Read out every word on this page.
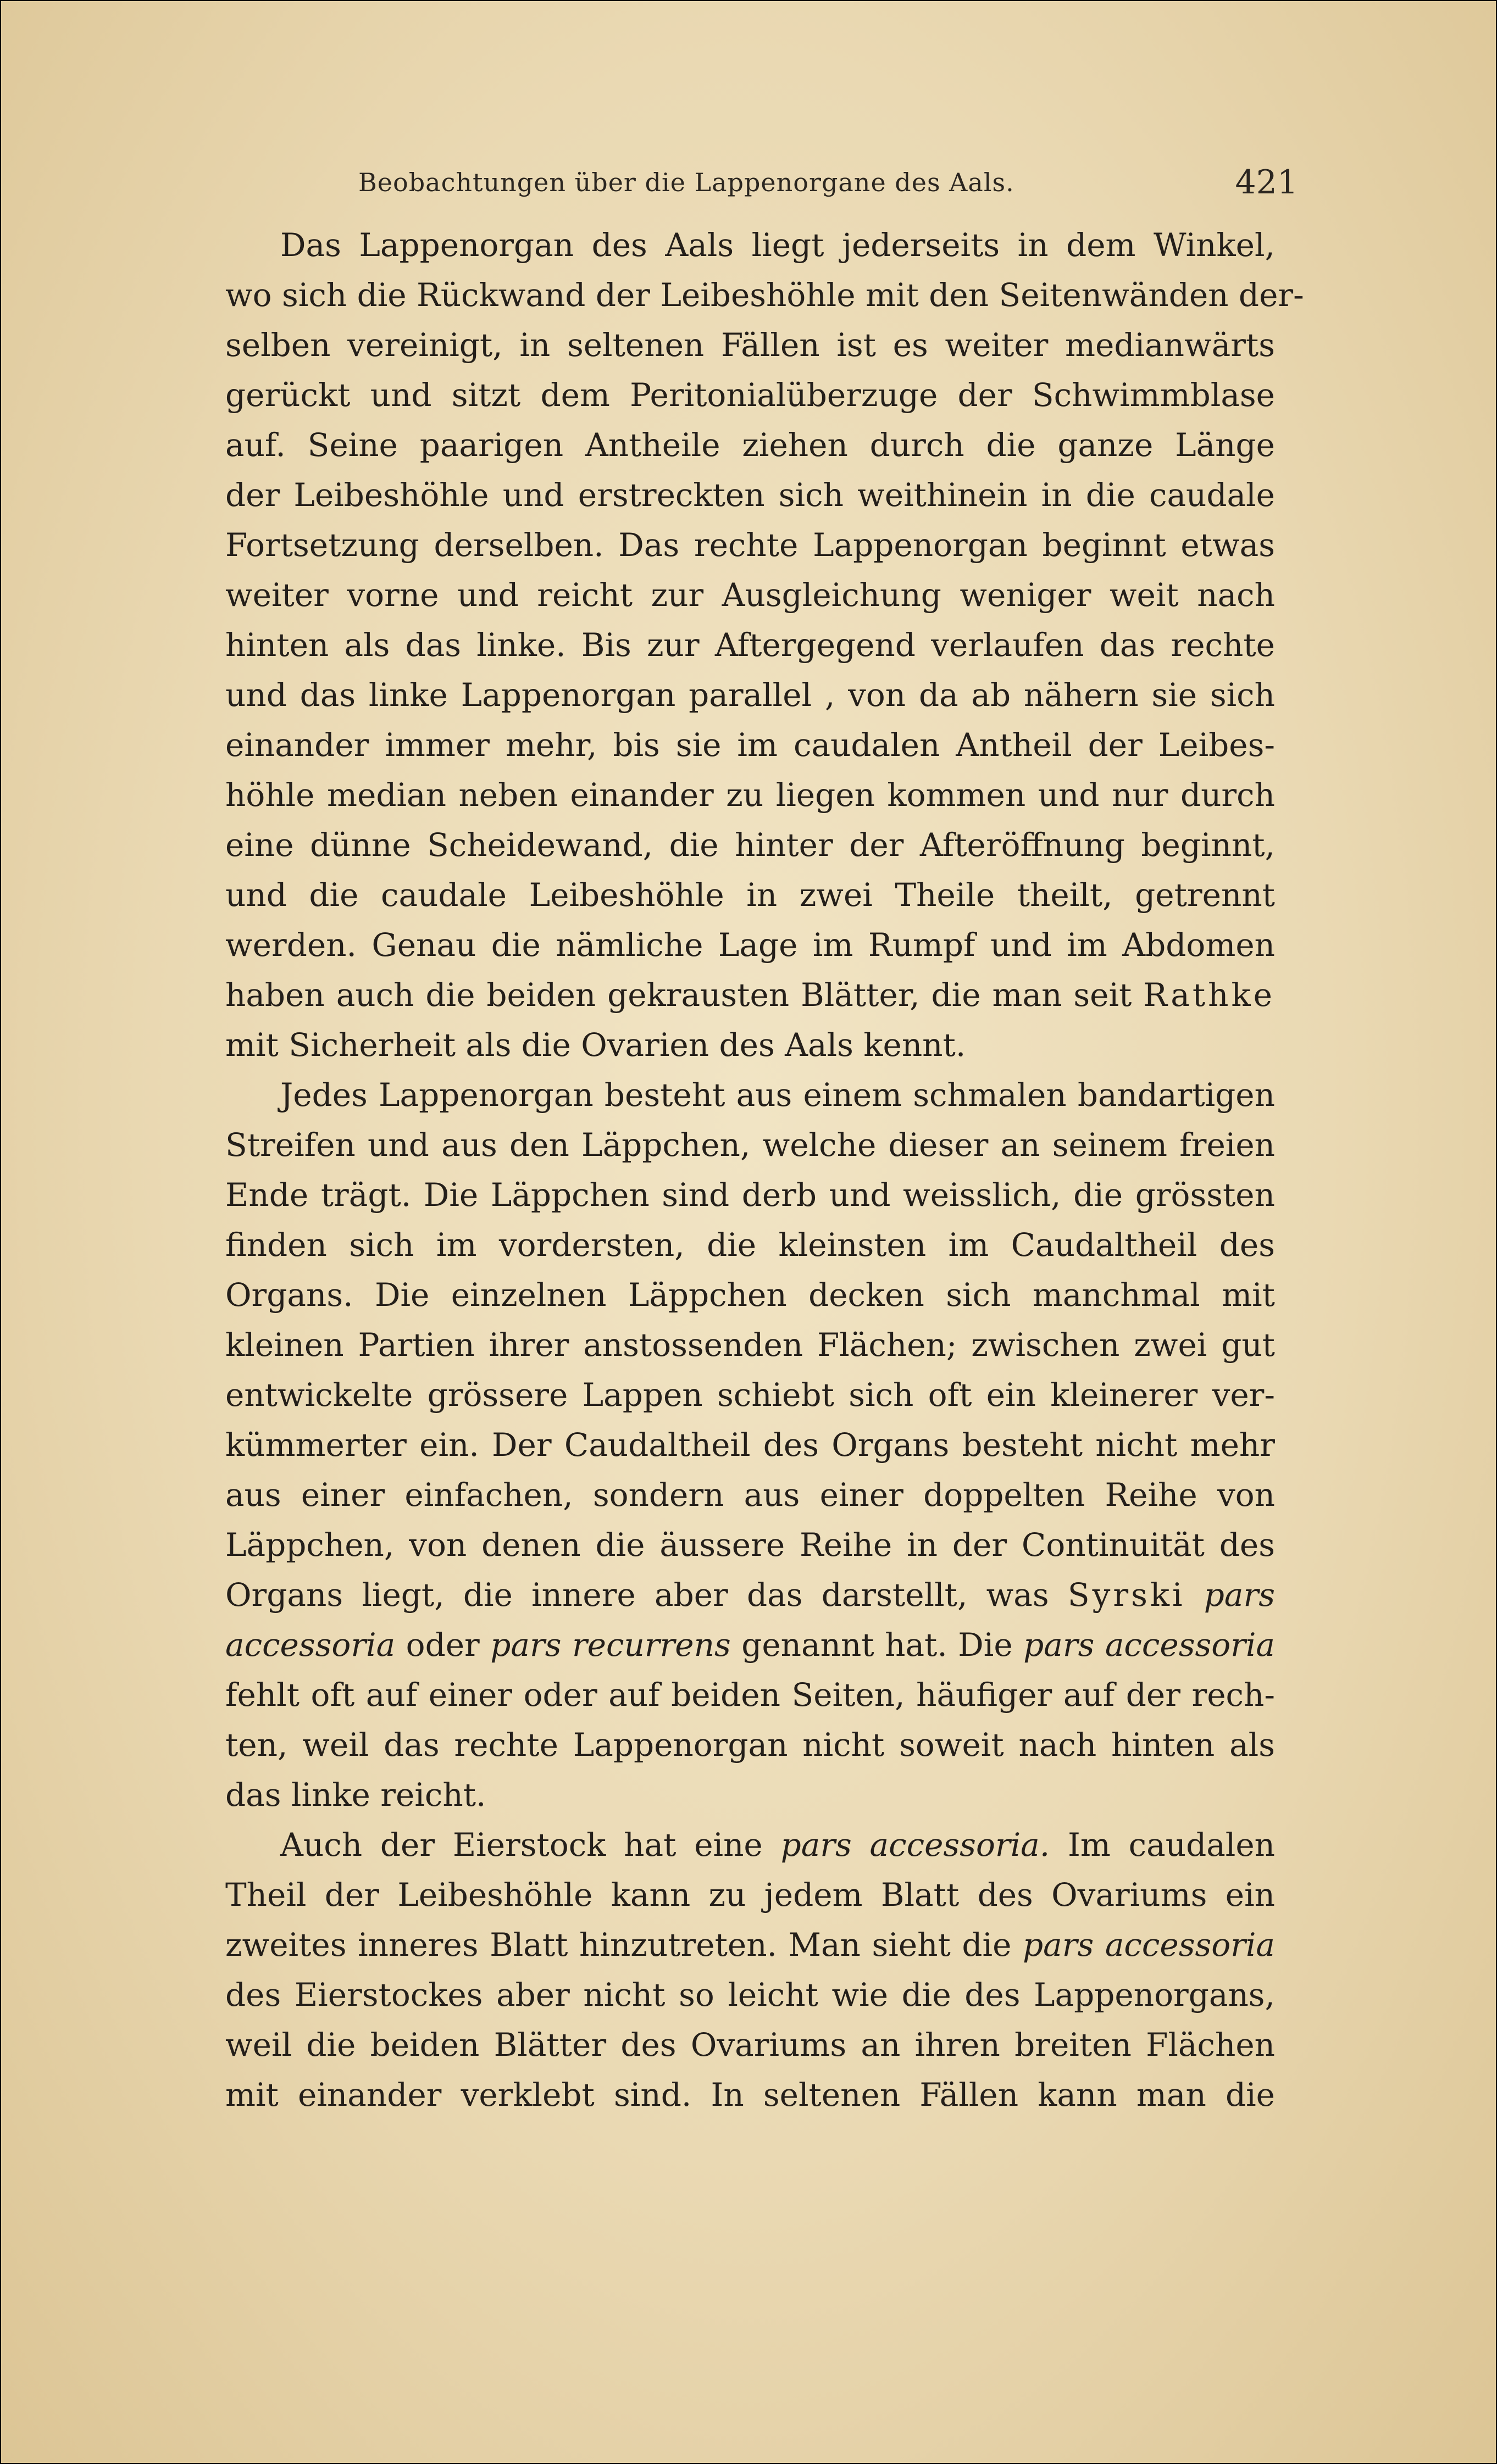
Beobachtungen über die Lappenorgane des Aals.	421
Das Lappenorgan des Aals liegt jederseits in dem Winkel,
wo sich die Rückwand der Leibeshöhle mit den Seitenwänden der-
selben vereinigt, in seltenen Fällen ist es weiter medianwärts
gerückt und sitzt dem Peritonialüberzuge der Schwimmblase
auf. Seine paarigen Antheile ziehen durch die ganze Länge
der Leibeshöhle und erstreckten sich weithinein in die caudale
Fortsetzung derselben. Das rechte Lappenorgan beginnt etwas
weiter vorne und reicht zur Ausgleichung weniger weit nach
hinten als das linke. Bis zur Aftergegend verlaufen das rechte
und das linke Lappenorgan parallel , von da ab nähern sie sich
einander immer mehr, bis sie im caudalen Antheil der Leibes-
höhle median neben einander zu liegen kommen und nur durch
eine dünne Scheidewand, die hinter der Afteröffnung beginnt,
und die caudale Leibeshöhle in zwei Theile theilt, getrennt
werden. Genau die nämliche Lage im Rumpf und im Abdomen
haben auch die beiden gekrausten Blätter, die man seit Rathke
mit Sicherheit als die Ovarien des Aals kennt.
Jedes Lappenorgan besteht aus einem schmalen bandartigen
Streifen und aus den Läppchen, welche dieser an seinem freien
Ende trägt. Die Läppchen sind derb und weisslich, die grössten
finden sich im vordersten, die kleinsten im Caudaltheil des
Organs. Die einzelnen Läppchen decken sich manchmal mit
kleinen Partien ihrer anstossenden Flächen; zwischen zwei gut
entwickelte grössere Lappen schiebt sich oft ein kleinerer ver-
kümmerter ein. Der Caudaltheil des Organs besteht nicht mehr
aus einer einfachen, sondern aus einer doppelten Reihe von
Läppchen, von denen die äussere Reihe in der Continuität des
Organs liegt, die innere aber das darstellt, was Syrski pars
accessoria oder pars recurrens genannt hat. Die pars accessoria
fehlt oft auf einer oder auf beiden Seiten, häufiger auf der rech-
ten, weil das rechte Lappenorgan nicht soweit nach hinten als
das linke reicht.
Auch der Eierstock hat eine pars accessoria. Im caudalen
Theil der Leibeshöhle kann zu jedem Blatt des Ovariums ein
zweites inneres Blatt hinzutreten. Man sieht die pars accessoria
des Eierstockes aber nicht so leicht wie die des Lappenorgans,
weil die beiden Blätter des Ovariums an ihren breiten Flächen
mit einander verklebt sind. In seltenen Fällen kann man die
